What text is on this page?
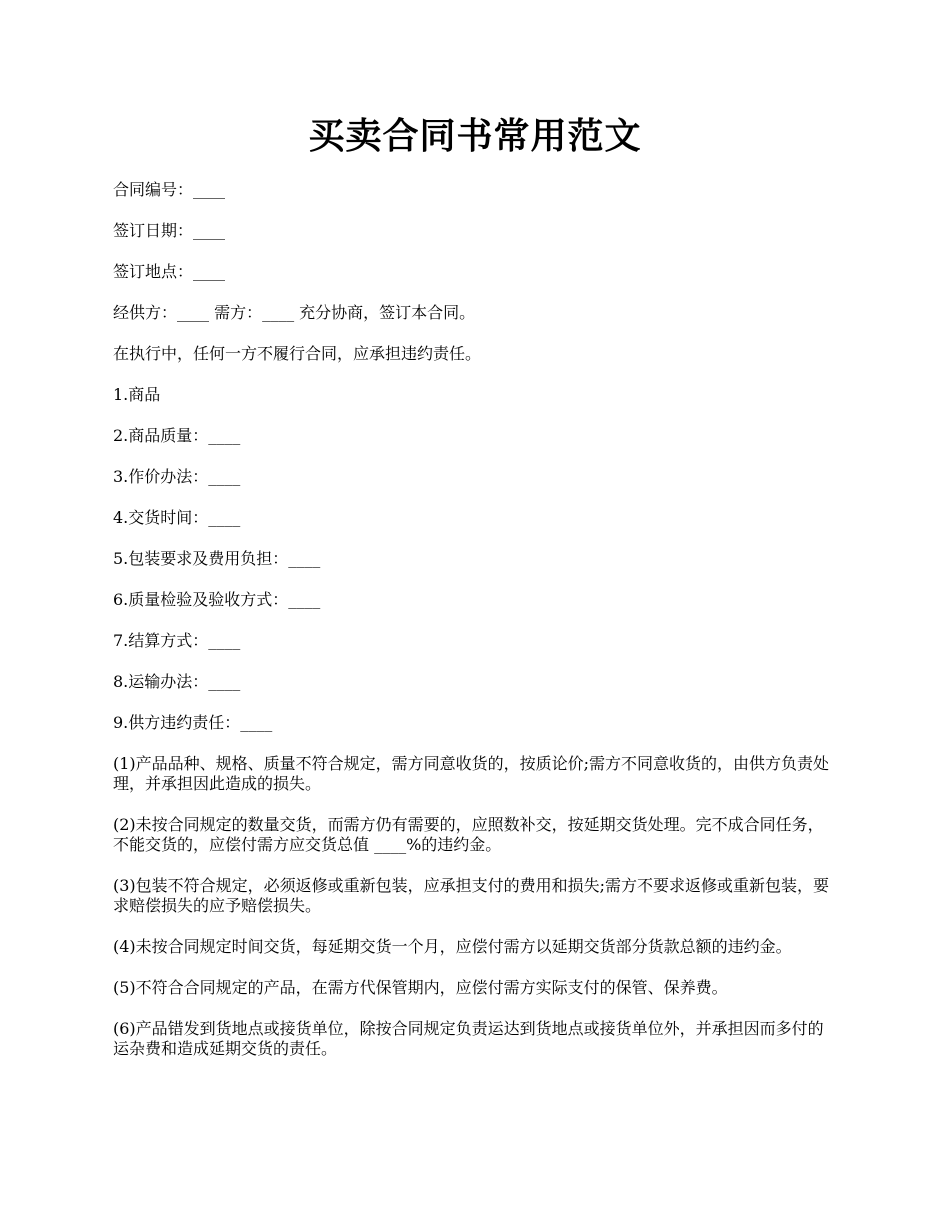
买卖合同书常用范文

合同编号：____

签订日期：____

签订地点：____

经供方：____ 需方：____ 充分协商，签订本合同。

在执行中，任何一方不履行合同，应承担违约责任。

1.商品

2.商品质量：____

3.作价办法：____

4.交货时间：____

5.包装要求及费用负担：____

6.质量检验及验收方式：____

7.结算方式：____

8.运输办法：____

9.供方违约责任：____

(1)产品品种、规格、质量不符合规定，需方同意收货的，按质论价;需方不同意收货的，由供方负责处理，并承担因此造成的损失。

(2)未按合同规定的数量交货，而需方仍有需要的，应照数补交，按延期交货处理。完不成合同任务，不能交货的，应偿付需方应交货总值 ____%的违约金。

(3)包装不符合规定，必须返修或重新包装，应承担支付的费用和损失;需方不要求返修或重新包装，要求赔偿损失的应予赔偿损失。

(4)未按合同规定时间交货，每延期交货一个月，应偿付需方以延期交货部分货款总额的违约金。

(5)不符合合同规定的产品，在需方代保管期内，应偿付需方实际支付的保管、保养费。

(6)产品错发到货地点或接货单位，除按合同规定负责运达到货地点或接货单位外，并承担因而多付的运杂费和造成延期交货的责任。
